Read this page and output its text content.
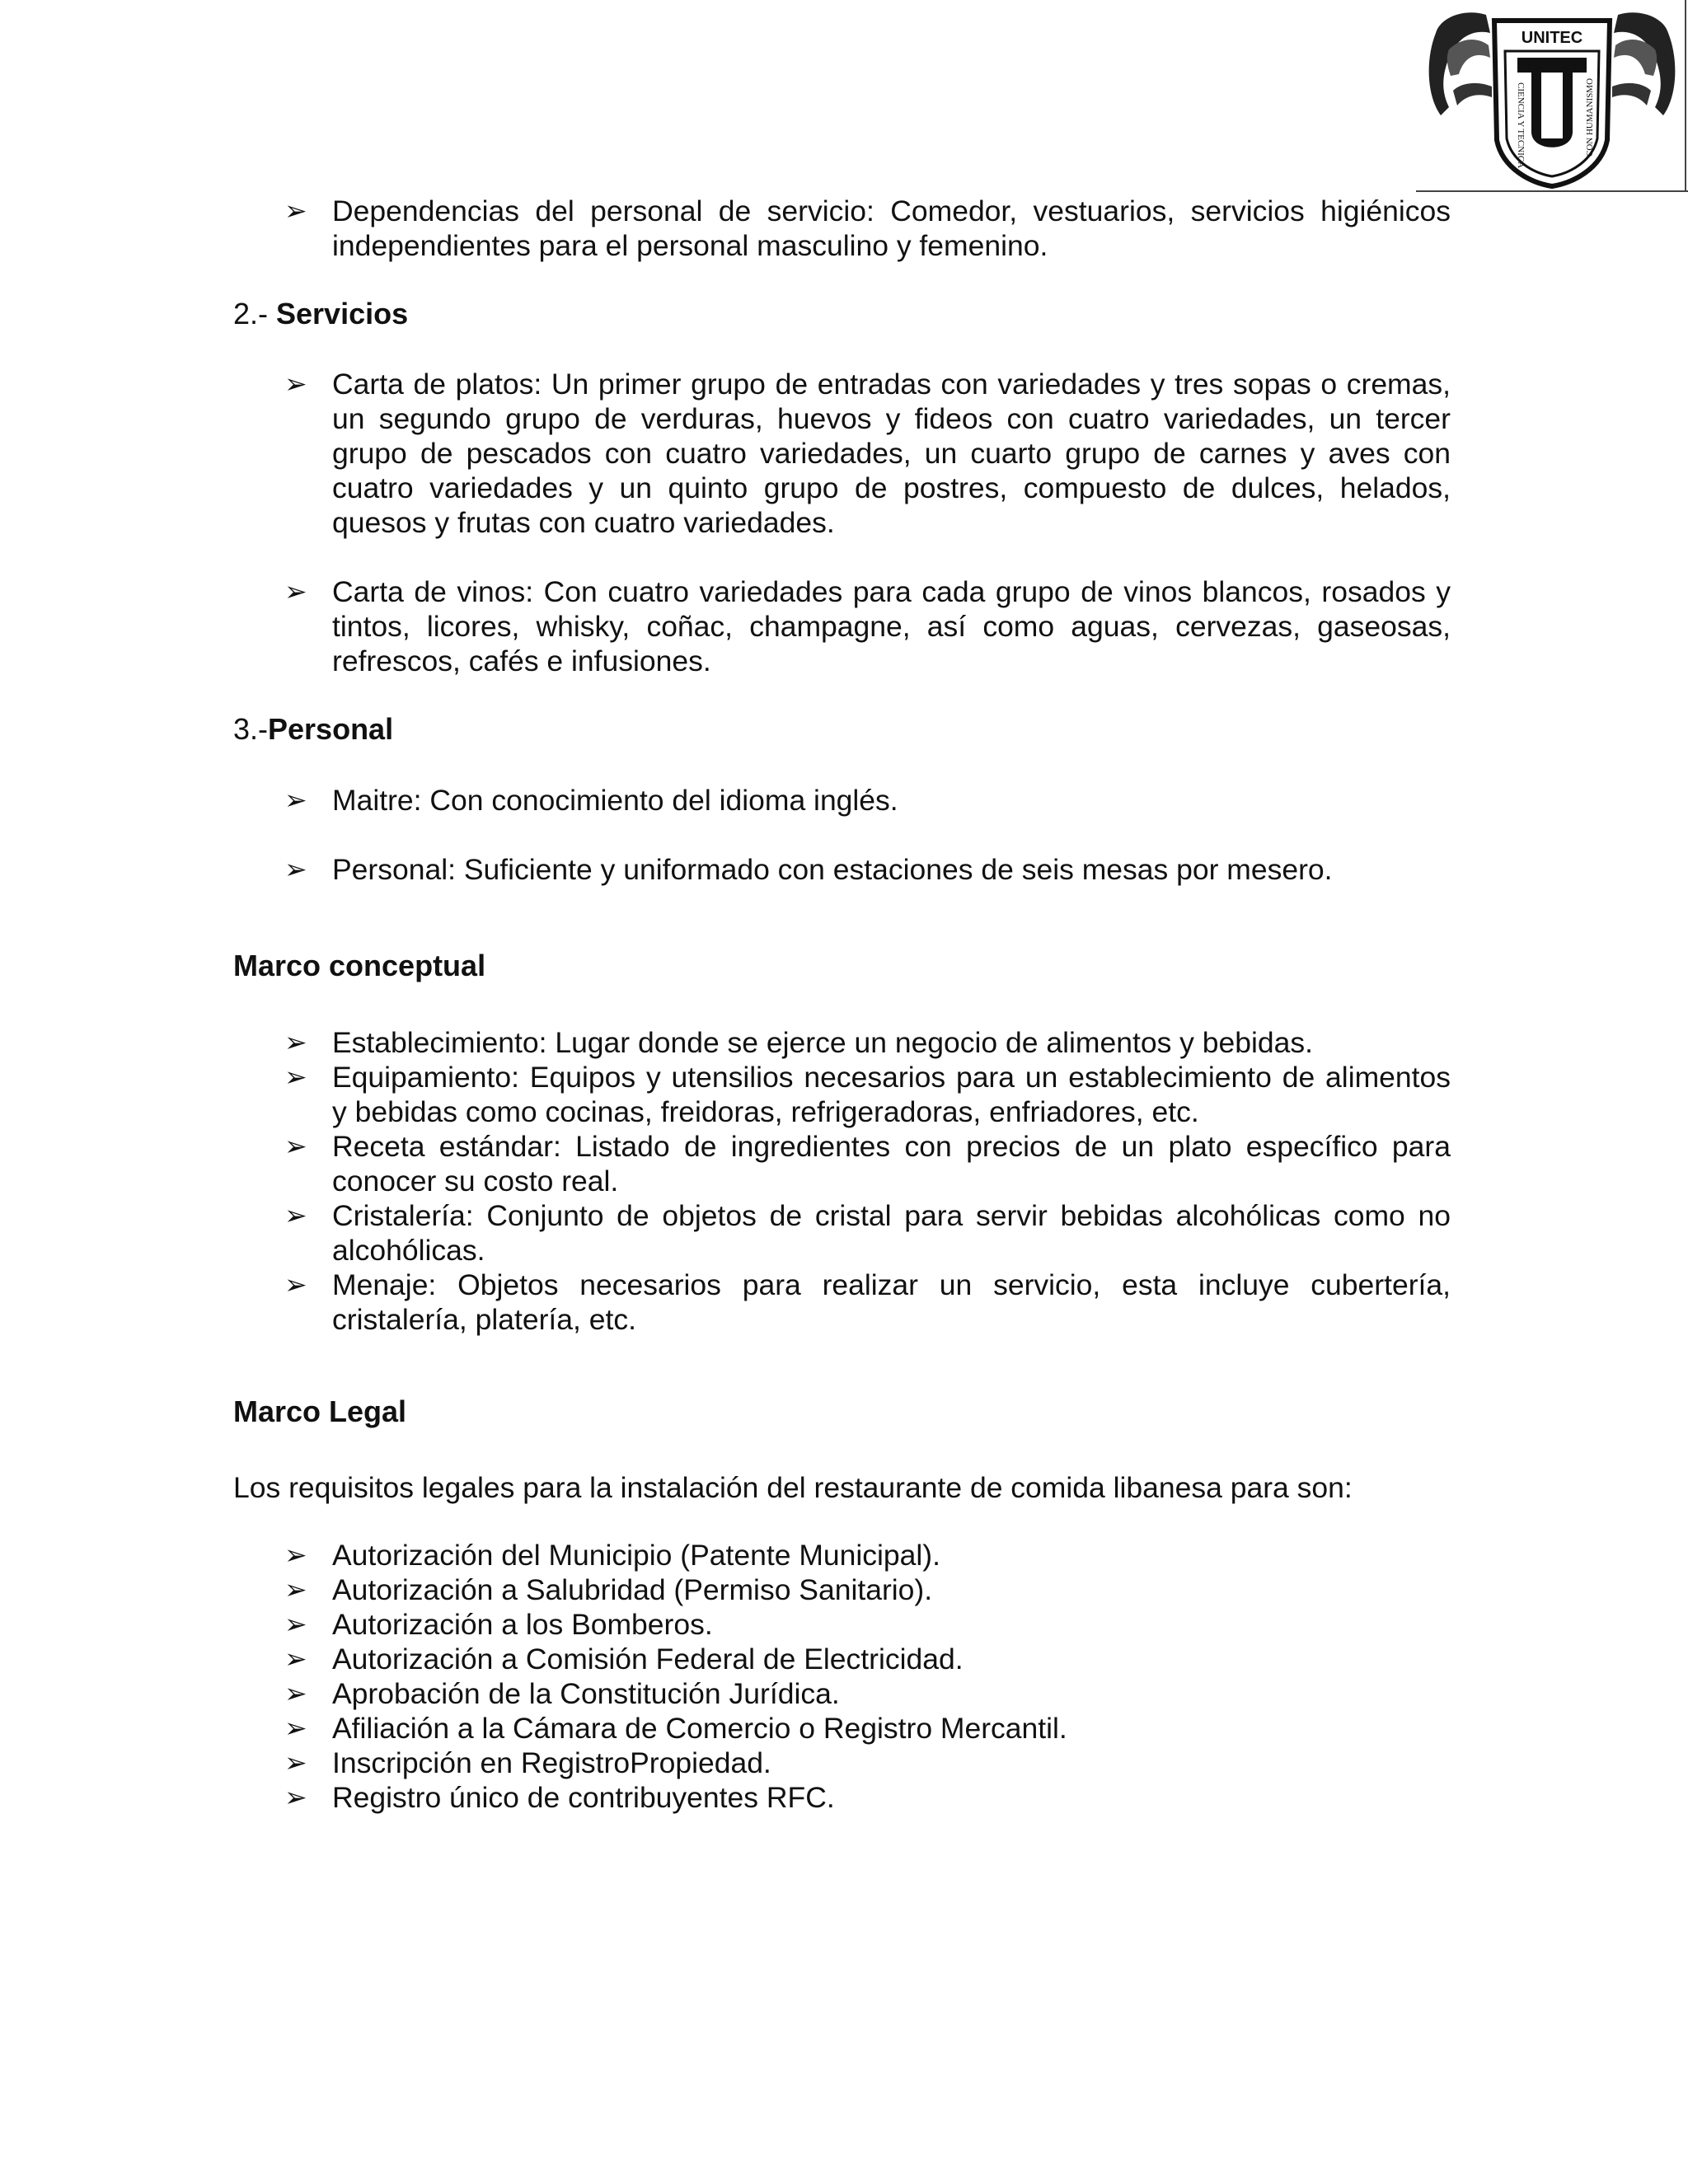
UNITEC
CIENCIA Y TECNICA	CON HUMANISMO
➢ Dependencias del personal de servicio: Comedor, vestuarios, servicios higiénicos independientes para el personal masculino y femenino.
2.- Servicios
➢ Carta de platos: Un primer grupo de entradas con variedades y tres sopas o cremas, un segundo grupo de verduras, huevos y fideos con cuatro variedades, un tercer grupo de pescados con cuatro variedades, un cuarto grupo de carnes y aves con cuatro variedades y un quinto grupo de postres, compuesto de dulces, helados, quesos y frutas con cuatro variedades.
➢ Carta de vinos: Con cuatro variedades para cada grupo de vinos blancos, rosados y tintos, licores, whisky, coñac, champagne, así como aguas, cervezas, gaseosas, refrescos, cafés e infusiones.
3.-Personal
➢ Maitre: Con conocimiento del idioma inglés.
➢ Personal: Suficiente y uniformado con estaciones de seis mesas por mesero.
Marco conceptual
➢ Establecimiento: Lugar donde se ejerce un negocio de alimentos y bebidas.
➢ Equipamiento: Equipos y utensilios necesarios para un establecimiento de alimentos y bebidas como cocinas, freidoras, refrigeradoras, enfriadores, etc.
➢ Receta estándar: Listado de ingredientes con precios de un plato específico para conocer su costo real.
➢ Cristalería: Conjunto de objetos de cristal para servir bebidas alcohólicas como no alcohólicas.
➢ Menaje: Objetos necesarios para realizar un servicio, esta incluye cubertería, cristalería, platería, etc.
Marco Legal
Los requisitos legales para la instalación del restaurante de comida libanesa para son:
➢ Autorización del Municipio (Patente Municipal).
➢ Autorización a Salubridad (Permiso Sanitario).
➢ Autorización a los Bomberos.
➢ Autorización a Comisión Federal de Electricidad.
➢ Aprobación de la Constitución Jurídica.
➢ Afiliación a la Cámara de Comercio o Registro Mercantil.
➢ Inscripción en RegistroPropiedad.
➢ Registro único de contribuyentes RFC.
